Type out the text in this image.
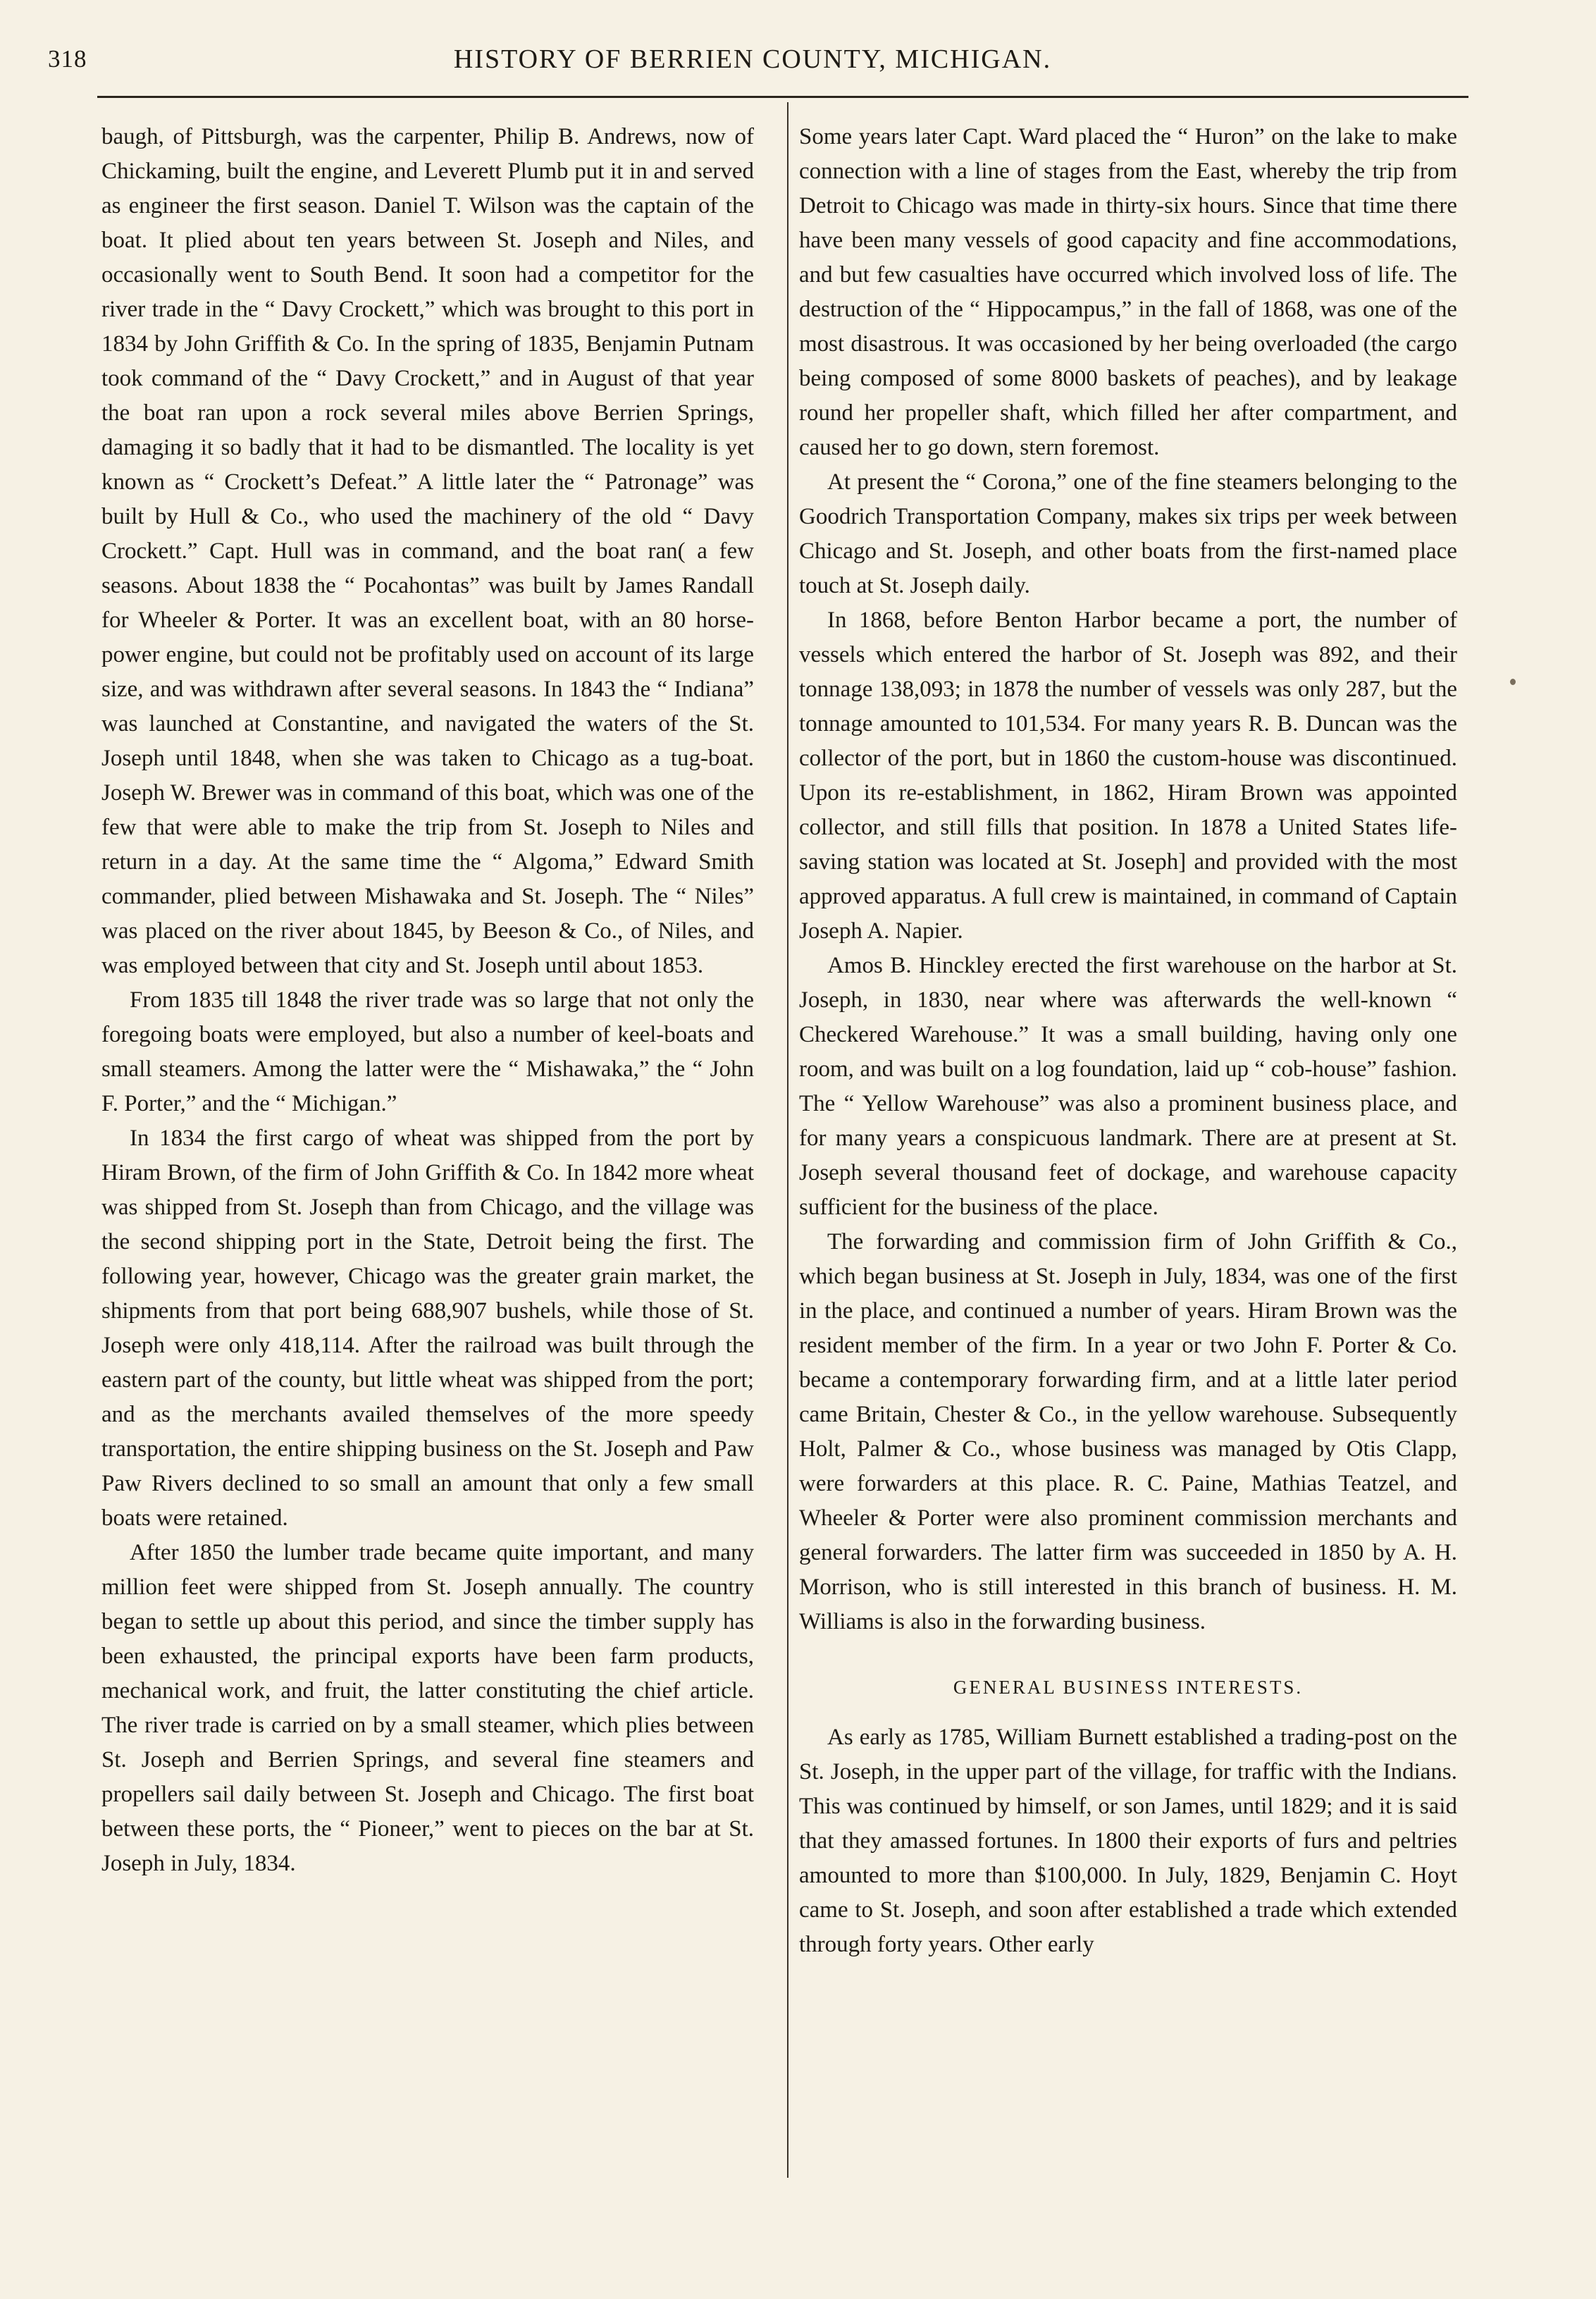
318	HISTORY OF BERRIEN COUNTY, MICHIGAN.

baugh, of Pittsburgh, was the carpenter, Philip B. Andrews, now of Chickaming, built the engine, and Leverett Plumb put it in and served as engineer the first season. Daniel T. Wilson was the captain of the boat. It plied about ten years between St. Joseph and Niles, and occasionally went to South Bend. It soon had a competitor for the river trade in the “ Davy Crockett,” which was brought to this port in 1834 by John Griffith & Co. In the spring of 1835, Benjamin Putnam took command of the “ Davy Crockett,” and in August of that year the boat ran upon a rock several miles above Berrien Springs, damaging it so badly that it had to be dismantled. The locality is yet known as “ Crockett’s Defeat.” A little later the “ Patronage” was built by Hull & Co., who used the machinery of the old “ Davy Crockett.” Capt. Hull was in command, and the boat ran( a few seasons. About 1838 the “ Pocahontas” was built by James Randall for Wheeler & Porter. It was an excellent boat, with an 80 horse-power engine, but could not be profitably used on account of its large size, and was withdrawn after several seasons. In 1843 the “ Indiana” was launched at Constantine, and navigated the waters of the St. Joseph until 1848, when she was taken to Chicago as a tug-boat. Joseph W. Brewer was in command of this boat, which was one of the few that were able to make the trip from St. Joseph to Niles and return in a day. At the same time the “ Algoma,” Edward Smith commander, plied between Mishawaka and St. Joseph. The “ Niles” was placed on the river about 1845, by Beeson & Co., of Niles, and was employed between that city and St. Joseph until about 1853.

From 1835 till 1848 the river trade was so large that not only the foregoing boats were employed, but also a number of keel-boats and small steamers. Among the latter were the “ Mishawaka,” the “ John F. Porter,” and the “ Michigan.”

In 1834 the first cargo of wheat was shipped from the port by Hiram Brown, of the firm of John Griffith & Co. In 1842 more wheat was shipped from St. Joseph than from Chicago, and the village was the second shipping port in the State, Detroit being the first. The following year, however, Chicago was the greater grain market, the shipments from that port being 688,907 bushels, while those of St. Joseph were only 418,114. After the railroad was built through the eastern part of the county, but little wheat was shipped from the port; and as the merchants availed themselves of the more speedy transportation, the entire shipping business on the St. Joseph and Paw Paw Rivers declined to so small an amount that only a few small boats were retained.

After 1850 the lumber trade became quite important, and many million feet were shipped from St. Joseph annually. The country began to settle up about this period, and since the timber supply has been exhausted, the principal exports have been farm products, mechanical work, and fruit, the latter constituting the chief article. The river trade is carried on by a small steamer, which plies between St. Joseph and Berrien Springs, and several fine steamers and propellers sail daily between St. Joseph and Chicago. The first boat between these ports, the “ Pioneer,” went to pieces on the bar at St. Joseph in July, 1834.

Some years later Capt. Ward placed the “ Huron” on the lake to make connection with a line of stages from the East, whereby the trip from Detroit to Chicago was made in thirty-six hours. Since that time there have been many vessels of good capacity and fine accommodations, and but few casualties have occurred which involved loss of life. The destruction of the “ Hippocampus,” in the fall of 1868, was one of the most disastrous. It was occasioned by her being overloaded (the cargo being composed of some 8000 baskets of peaches), and by leakage round her propeller shaft, which filled her after compartment, and caused her to go down, stern foremost.

At present the “ Corona,” one of the fine steamers belonging to the Goodrich Transportation Company, makes six trips per week between Chicago and St. Joseph, and other boats from the first-named place touch at St. Joseph daily.

In 1868, before Benton Harbor became a port, the number of vessels which entered the harbor of St. Joseph was 892, and their tonnage 138,093; in 1878 the number of vessels was only 287, but the tonnage amounted to 101,534. For many years R. B. Duncan was the collector of the port, but in 1860 the custom-house was discontinued. Upon its re-establishment, in 1862, Hiram Brown was appointed collector, and still fills that position. In 1878 a United States life-saving station was located at St. Joseph] and provided with the most approved apparatus. A full crew is maintained, in command of Captain Joseph A. Napier.

Amos B. Hinckley erected the first warehouse on the harbor at St. Joseph, in 1830, near where was afterwards the well-known “ Checkered Warehouse.” It was a small building, having only one room, and was built on a log foundation, laid up “ cob-house” fashion. The “ Yellow Warehouse” was also a prominent business place, and for many years a conspicuous landmark. There are at present at St. Joseph several thousand feet of dockage, and warehouse capacity sufficient for the business of the place.

The forwarding and commission firm of John Griffith & Co., which began business at St. Joseph in July, 1834, was one of the first in the place, and continued a number of years. Hiram Brown was the resident member of the firm. In a year or two John F. Porter & Co. became a contemporary forwarding firm, and at a little later period came Britain, Chester & Co., in the yellow warehouse. Subsequently Holt, Palmer & Co., whose business was managed by Otis Clapp, were forwarders at this place. R. C. Paine, Mathias Teatzel, and Wheeler & Porter were also prominent commission merchants and general forwarders. The latter firm was succeeded in 1850 by A. H. Morrison, who is still interested in this branch of business. H. M. Williams is also in the forwarding business.

GENERAL BUSINESS INTERESTS.

As early as 1785, William Burnett established a trading-post on the St. Joseph, in the upper part of the village, for traffic with the Indians. This was continued by himself, or son James, until 1829; and it is said that they amassed fortunes. In 1800 their exports of furs and peltries amounted to more than $100,000. In July, 1829, Benjamin C. Hoyt came to St. Joseph, and soon after established a trade which extended through forty years. Other early
